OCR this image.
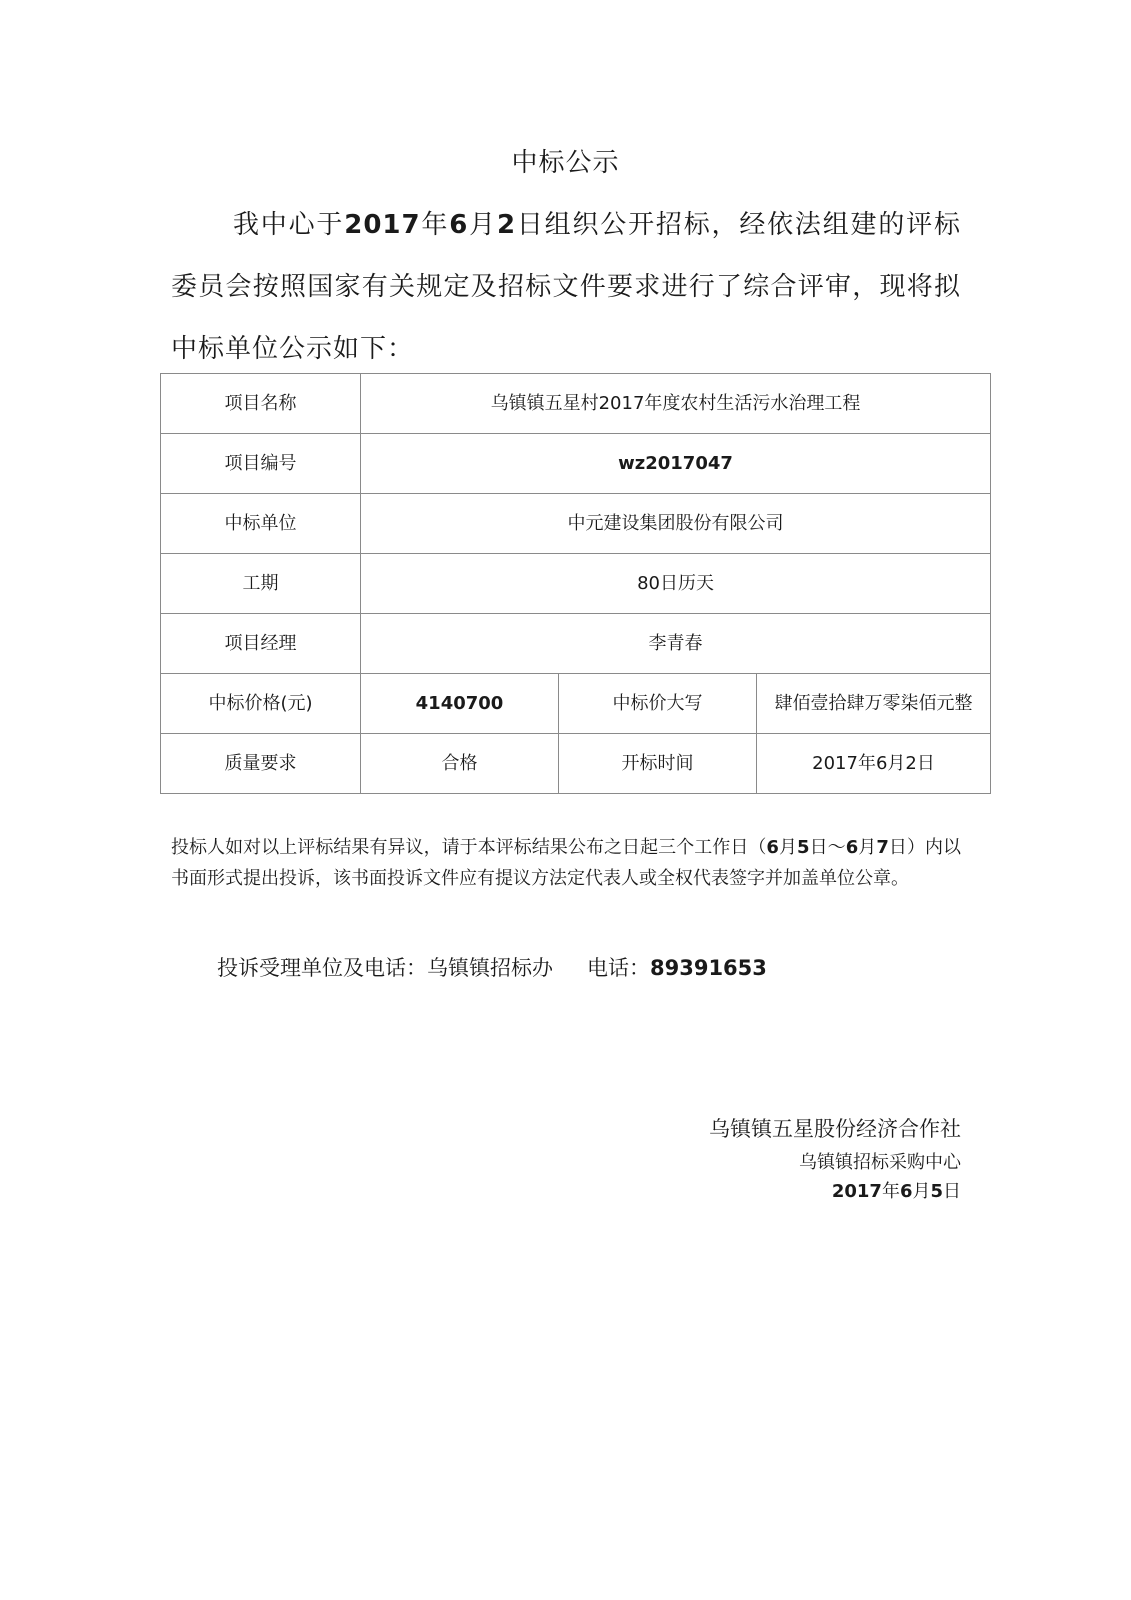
中标公示

我中心于2017年6月2日组织公开招标，经依法组建的评标委员会按照国家有关规定及招标文件要求进行了综合评审，现将拟中标单位公示如下：

项目名称	乌镇镇五星村2017年度农村生活污水治理工程		
项目编号	wz2017047		
中标单位	中元建设集团股份有限公司		
工期	80日历天		
项目经理	李青春		
中标价格(元)	4140700	中标价大写	肆佰壹拾肆万零柒佰元整
质量要求	合格	开标时间	2017年6月2日
投标人如对以上评标结果有异议，请于本评标结果公布之日起三个工作日（6月5日～6月7日）内以书面形式提出投诉，该书面投诉文件应有提议方法定代表人或全权代表签字并加盖单位公章。
投诉受理单位及电话：乌镇镇招标办 电话：89391653
乌镇镇五星股份经济合作社
乌镇镇招标采购中心
2017年6月5日
